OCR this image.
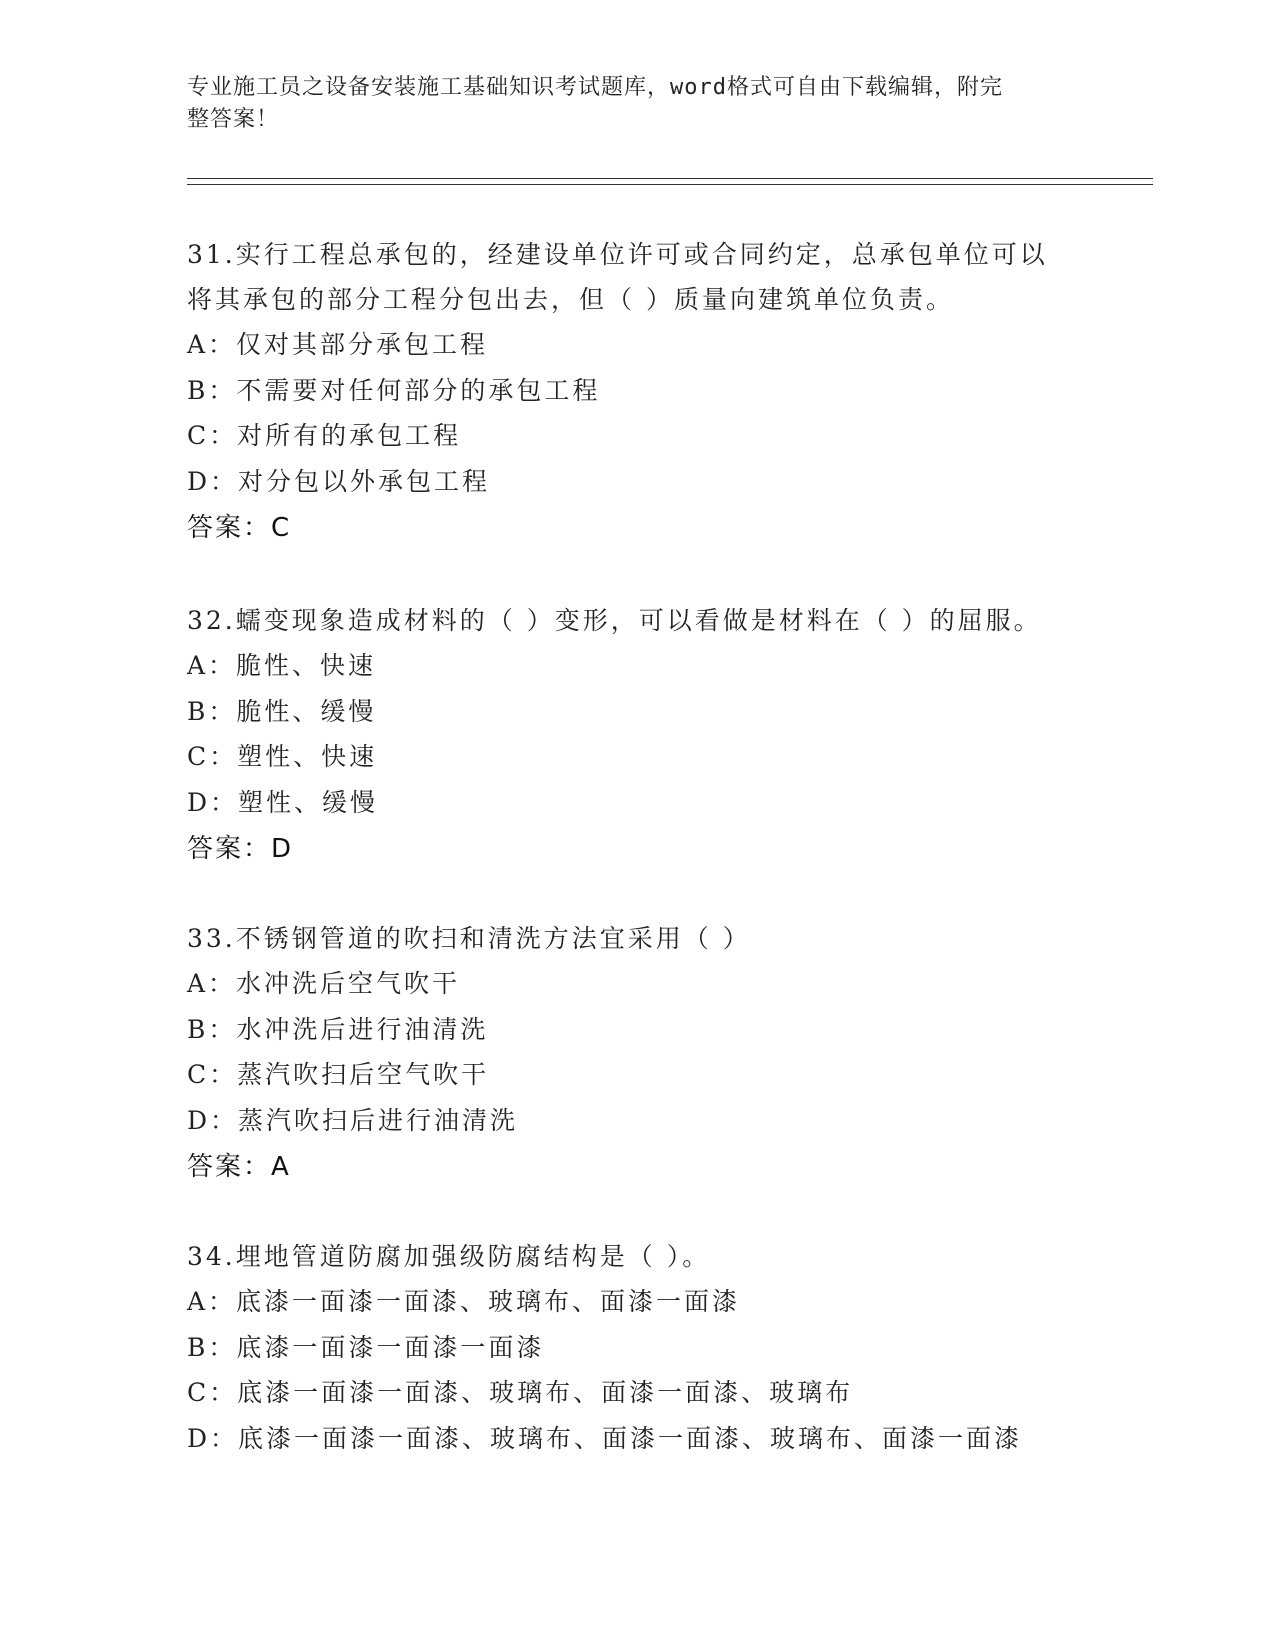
专业施工员之设备安装施工基础知识考试题库，word格式可自由下载编辑，附完
整答案！
31.实行工程总承包的，经建设单位许可或合同约定，总承包单位可以
将其承包的部分工程分包出去，但（ ）质量向建筑单位负责。
A：仅对其部分承包工程
B：不需要对任何部分的承包工程
C：对所有的承包工程
D：对分包以外承包工程
答案：C
32.蠕变现象造成材料的（ ）变形，可以看做是材料在（ ）的屈服。
A：脆性、快速
B：脆性、缓慢
C：塑性、快速
D：塑性、缓慢
答案：D
33.不锈钢管道的吹扫和清洗方法宜采用（ ）
A：水冲洗后空气吹干
B：水冲洗后进行油清洗
C：蒸汽吹扫后空气吹干
D：蒸汽吹扫后进行油清洗
答案：A
34.埋地管道防腐加强级防腐结构是（ ）。
A：底漆一面漆一面漆、玻璃布、面漆一面漆
B：底漆一面漆一面漆一面漆
C：底漆一面漆一面漆、玻璃布、面漆一面漆、玻璃布
D：底漆一面漆一面漆、玻璃布、面漆一面漆、玻璃布、面漆一面漆
